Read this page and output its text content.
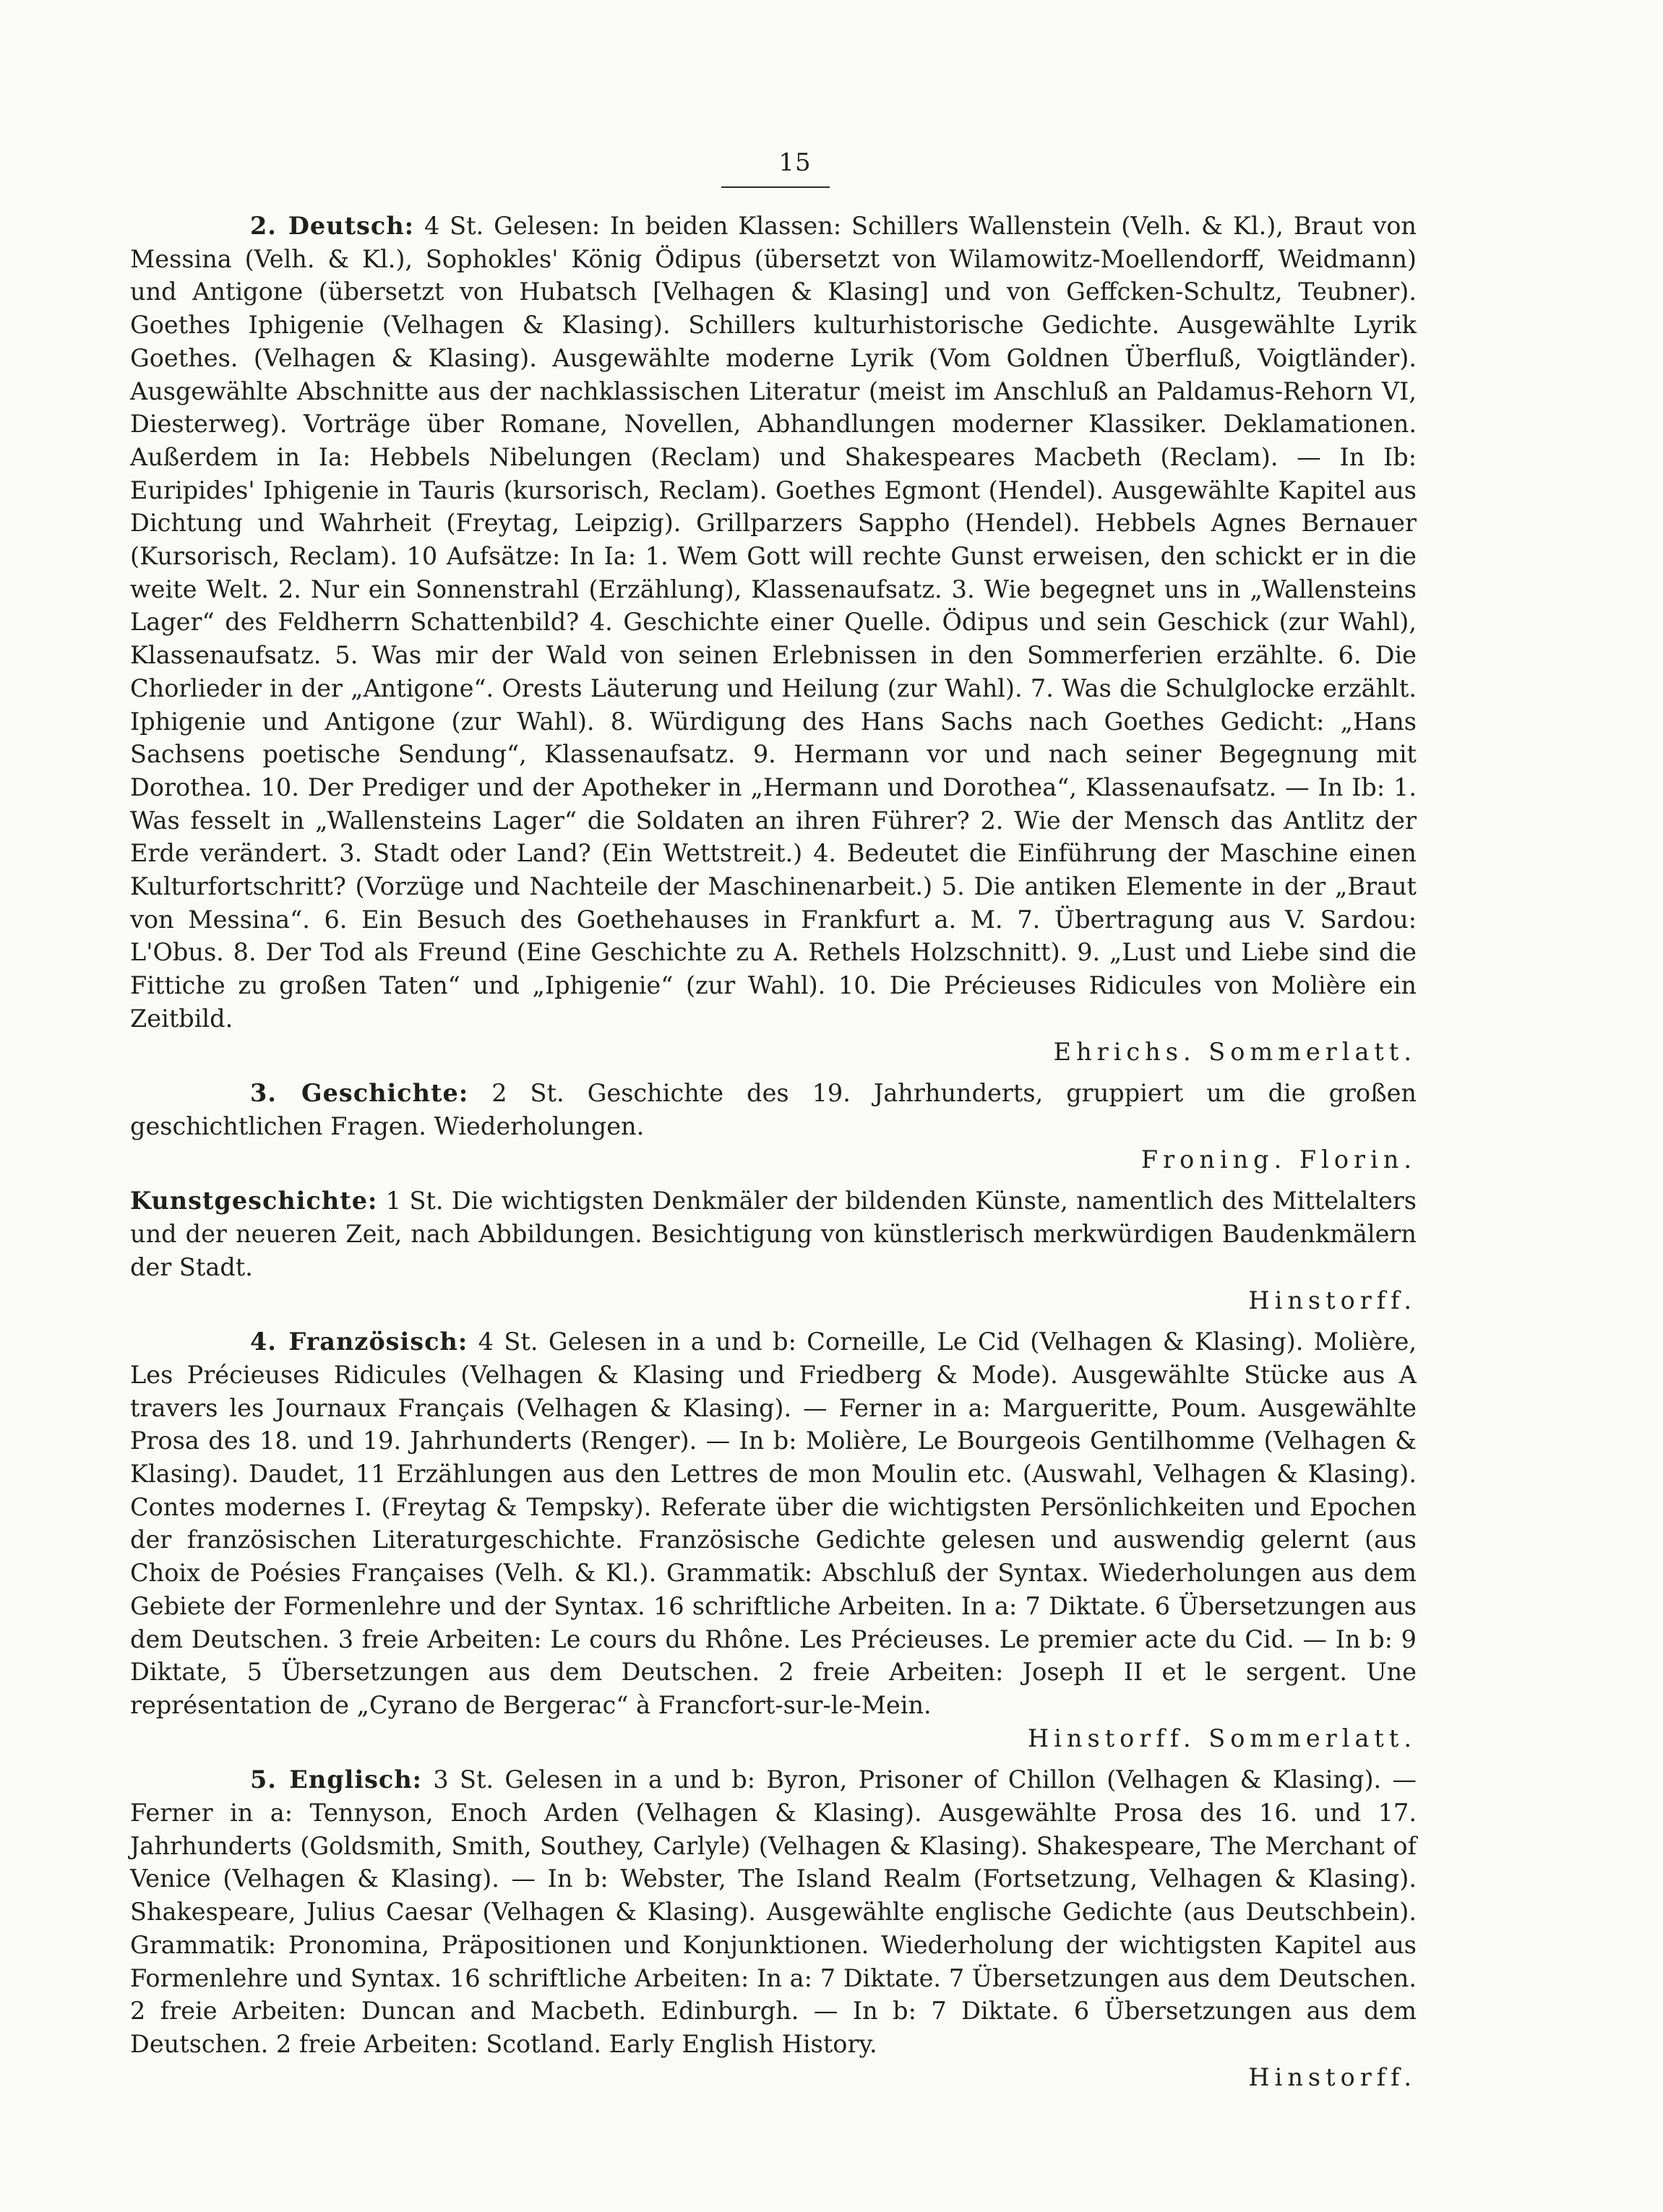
15

2. Deutsch: 4 St. Gelesen: In beiden Klassen: Schillers Wallenstein (Velh. & Kl.), Braut von Messina (Velh. & Kl.), Sophokles' König Ödipus (übersetzt von Wilamowitz-Moellendorff, Weidmann) und Antigone (übersetzt von Hubatsch [Velhagen & Klasing] und von Geffcken-Schultz, Teubner). Goethes Iphigenie (Velhagen & Klasing). Schillers kulturhistorische Gedichte. Ausgewählte Lyrik Goethes. (Velhagen & Klasing). Ausgewählte moderne Lyrik (Vom Goldnen Überfluß, Voigtländer). Ausgewählte Abschnitte aus der nachklassischen Literatur (meist im Anschluß an Paldamus-Rehorn VI, Diesterweg). Vorträge über Romane, Novellen, Abhandlungen moderner Klassiker. Deklamationen. Außerdem in Ia: Hebbels Nibelungen (Reclam) und Shakespeares Macbeth (Reclam). — In Ib: Euripides' Iphigenie in Tauris (kursorisch, Reclam). Goethes Egmont (Hendel). Ausgewählte Kapitel aus Dichtung und Wahrheit (Freytag, Leipzig). Grillparzers Sappho (Hendel). Hebbels Agnes Bernauer (Kursorisch, Reclam). 10 Aufsätze: In Ia: 1. Wem Gott will rechte Gunst erweisen, den schickt er in die weite Welt. 2. Nur ein Sonnenstrahl (Erzählung), Klassenaufsatz. 3. Wie begegnet uns in „Wallensteins Lager“ des Feldherrn Schattenbild? 4. Geschichte einer Quelle. Ödipus und sein Geschick (zur Wahl), Klassenaufsatz. 5. Was mir der Wald von seinen Erlebnissen in den Sommerferien erzählte. 6. Die Chorlieder in der „Antigone“. Orests Läuterung und Heilung (zur Wahl). 7. Was die Schulglocke erzählt. Iphigenie und Antigone (zur Wahl). 8. Würdigung des Hans Sachs nach Goethes Gedicht: „Hans Sachsens poetische Sendung“, Klassenaufsatz. 9. Hermann vor und nach seiner Begegnung mit Dorothea. 10. Der Prediger und der Apotheker in „Hermann und Dorothea“, Klassenaufsatz. — In Ib: 1. Was fesselt in „Wallensteins Lager“ die Soldaten an ihren Führer? 2. Wie der Mensch das Antlitz der Erde verändert. 3. Stadt oder Land? (Ein Wettstreit.) 4. Bedeutet die Einführung der Maschine einen Kulturfortschritt? (Vorzüge und Nachteile der Maschinenarbeit.) 5. Die antiken Elemente in der „Braut von Messina“. 6. Ein Besuch des Goethehauses in Frankfurt a. M. 7. Übertragung aus V. Sardou: L'Obus. 8. Der Tod als Freund (Eine Geschichte zu A. Rethels Holzschnitt). 9. „Lust und Liebe sind die Fittiche zu großen Taten“ und „Iphigenie“ (zur Wahl). 10. Die Précieuses Ridicules von Molière ein Zeitbild.
Ehrichs. Sommerlatt.

3. Geschichte: 2 St. Geschichte des 19. Jahrhunderts, gruppiert um die großen geschichtlichen Fragen. Wiederholungen.
Froning. Florin.

Kunstgeschichte: 1 St. Die wichtigsten Denkmäler der bildenden Künste, namentlich des Mittelalters und der neueren Zeit, nach Abbildungen. Besichtigung von künstlerisch merkwürdigen Baudenkmälern der Stadt.
Hinstorff.

4. Französisch: 4 St. Gelesen in a und b: Corneille, Le Cid (Velhagen & Klasing). Molière, Les Précieuses Ridicules (Velhagen & Klasing und Friedberg & Mode). Ausgewählte Stücke aus A travers les Journaux Français (Velhagen & Klasing). — Ferner in a: Margueritte, Poum. Ausgewählte Prosa des 18. und 19. Jahrhunderts (Renger). — In b: Molière, Le Bourgeois Gentilhomme (Velhagen & Klasing). Daudet, 11 Erzählungen aus den Lettres de mon Moulin etc. (Auswahl, Velhagen & Klasing). Contes modernes I. (Freytag & Tempsky). Referate über die wichtigsten Persönlichkeiten und Epochen der französischen Literaturgeschichte. Französische Gedichte gelesen und auswendig gelernt (aus Choix de Poésies Françaises (Velh. & Kl.). Grammatik: Abschluß der Syntax. Wiederholungen aus dem Gebiete der Formenlehre und der Syntax. 16 schriftliche Arbeiten. In a: 7 Diktate. 6 Übersetzungen aus dem Deutschen. 3 freie Arbeiten: Le cours du Rhône. Les Précieuses. Le premier acte du Cid. — In b: 9 Diktate, 5 Übersetzungen aus dem Deutschen. 2 freie Arbeiten: Joseph II et le sergent. Une représentation de „Cyrano de Bergerac“ à Francfort-sur-le-Mein.
Hinstorff. Sommerlatt.

5. Englisch: 3 St. Gelesen in a und b: Byron, Prisoner of Chillon (Velhagen & Klasing). — Ferner in a: Tennyson, Enoch Arden (Velhagen & Klasing). Ausgewählte Prosa des 16. und 17. Jahrhunderts (Goldsmith, Smith, Southey, Carlyle) (Velhagen & Klasing). Shakespeare, The Merchant of Venice (Velhagen & Klasing). — In b: Webster, The Island Realm (Fortsetzung, Velhagen & Klasing). Shakespeare, Julius Caesar (Velhagen & Klasing). Ausgewählte englische Gedichte (aus Deutschbein). Grammatik: Pronomina, Präpositionen und Konjunktionen. Wiederholung der wichtigsten Kapitel aus Formenlehre und Syntax. 16 schriftliche Arbeiten: In a: 7 Diktate. 7 Übersetzungen aus dem Deutschen. 2 freie Arbeiten: Duncan and Macbeth. Edinburgh. — In b: 7 Diktate. 6 Übersetzungen aus dem Deutschen. 2 freie Arbeiten: Scotland. Early English History.
Hinstorff.
